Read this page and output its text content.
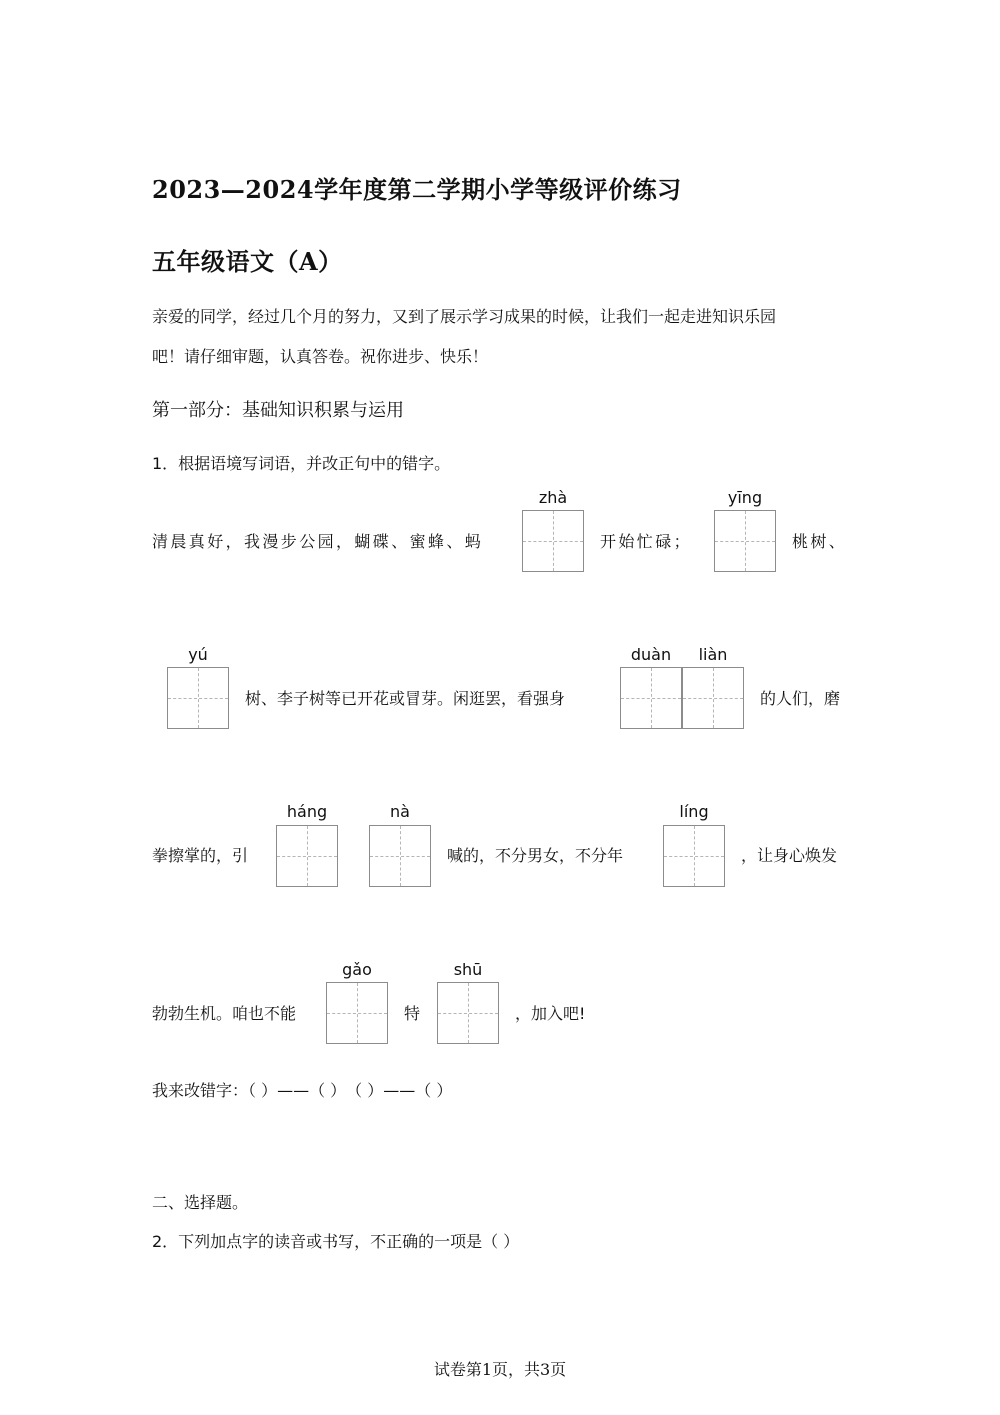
2023—2024学年度第二学期小学等级评价练习
五年级语文（A）
亲爱的同学，经过几个月的努力，又到了展示学习成果的时候，让我们一起走进知识乐园
吧！请仔细审题，认真答卷。祝你进步、快乐！
第一部分：基础知识积累与运用
1．根据语境写词语，并改正句中的错字。
清晨真好，我漫步公园，蝴碟、蜜蜂、蚂
zhà
开始忙碌；
yīng
桃树、
yú
树、李子树等已开花或冒芽。闲逛罢，看强身
duàn	liàn
的人们，磨
拳擦掌的，引
háng	nà
喊的，不分男女，不分年
líng
，让身心焕发
勃勃生机。咱也不能
gǎo
特
shū
，加入吧!
我来改错字：（ ）——（ ）　（ ）——（ ）
二、选择题。
2．下列加点字的读音或书写，不正确的一项是（ ）
试卷第1页，共3页
